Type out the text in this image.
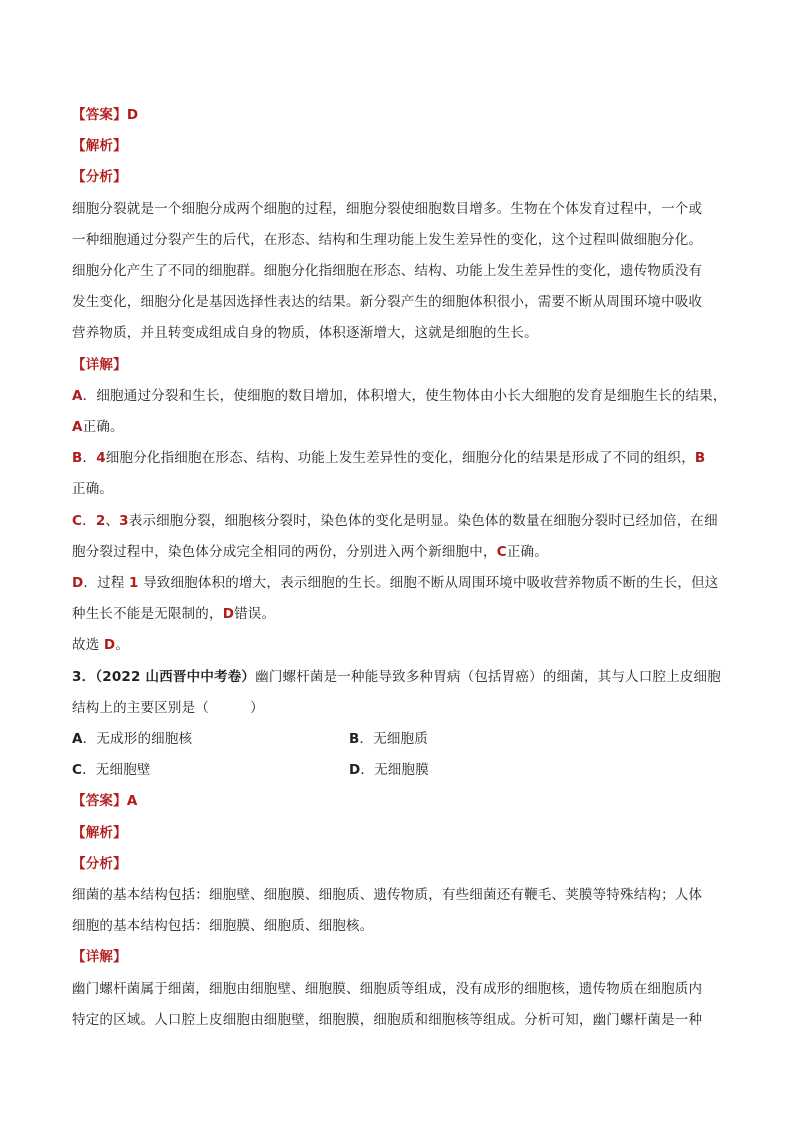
【答案】D
【解析】
【分析】
细胞分裂就是一个细胞分成两个细胞的过程，细胞分裂使细胞数目增多。生物在个体发育过程中，一个或
一种细胞通过分裂产生的后代，在形态、结构和生理功能上发生差异性的变化，这个过程叫做细胞分化。
细胞分化产生了不同的细胞群。细胞分化指细胞在形态、结构、功能上发生差异性的变化，遗传物质没有
发生变化，细胞分化是基因选择性表达的结果。新分裂产生的细胞体积很小，需要不断从周围环境中吸收
营养物质，并且转变成组成自身的物质，体积逐渐增大，这就是细胞的生长。
【详解】
A．细胞通过分裂和生长，使细胞的数目增加，体积增大，使生物体由小长大细胞的发育是细胞生长的结果，
A正确。
B．4细胞分化指细胞在形态、结构、功能上发生差异性的变化，细胞分化的结果是形成了不同的组织，B
正确。
C．2、3表示细胞分裂，细胞核分裂时，染色体的变化是明显。染色体的数量在细胞分裂时已经加倍，在细
胞分裂过程中，染色体分成完全相同的两份，分别进入两个新细胞中，C正确。
D．过程 1 导致细胞体积的增大，表示细胞的生长。细胞不断从周围环境中吸收营养物质不断的生长，但这
种生长不能是无限制的，D错误。
故选 D。
3．（2022 山西晋中中考卷）幽门螺杆菌是一种能导致多种胃病（包括胃癌）的细菌，其与人口腔上皮细胞
结构上的主要区别是（　　　）
A．无成形的细胞核	B．无细胞质
C．无细胞壁	D．无细胞膜
【答案】A
【解析】
【分析】
细菌的基本结构包括：细胞壁、细胞膜、细胞质、遗传物质，有些细菌还有鞭毛、荚膜等特殊结构；人体
细胞的基本结构包括：细胞膜、细胞质、细胞核。
【详解】
幽门螺杆菌属于细菌，细胞由细胞壁、细胞膜、细胞质等组成，没有成形的细胞核，遗传物质在细胞质内
特定的区域。人口腔上皮细胞由细胞壁，细胞膜，细胞质和细胞核等组成。分析可知，幽门螺杆菌是一种
